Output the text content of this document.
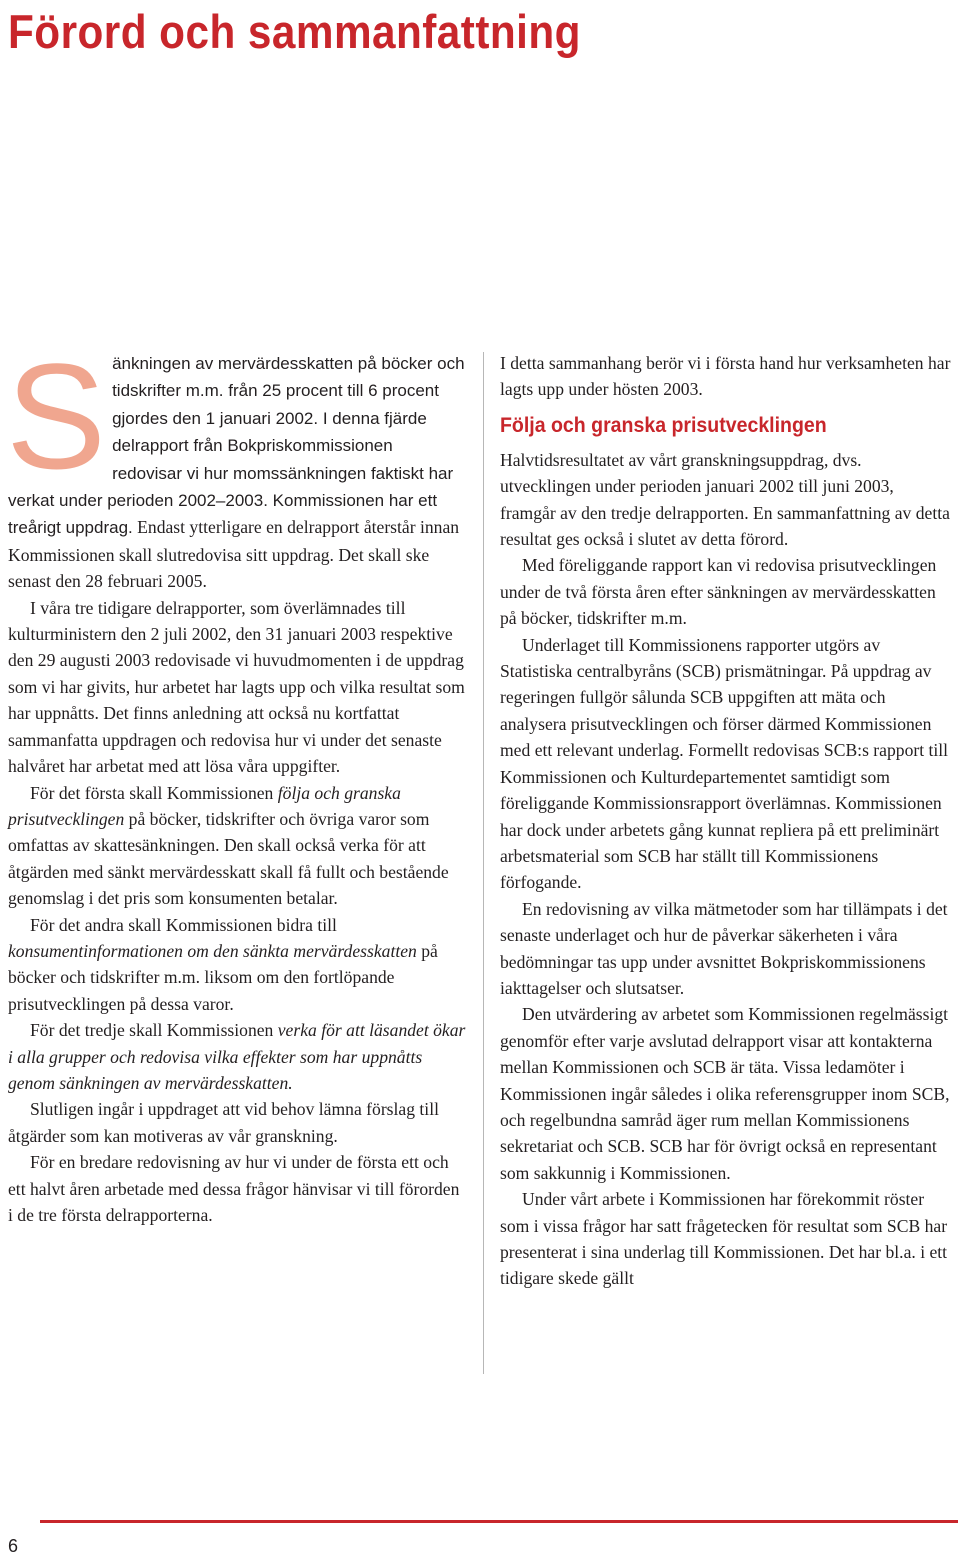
Förord och sammanfattning

Sänkningen av mervärdesskatten på böcker och tidskrifter m.m. från 25 procent till 6 procent gjordes den 1 januari 2002. I denna fjärde delrapport från Bokpriskommissionen redovisar vi hur momssänkningen faktiskt har verkat under perioden 2002–2003. Kommissionen har ett treårigt uppdrag. Endast ytterligare en delrapport återstår innan Kommissionen skall slutredovisa sitt uppdrag. Det skall ske senast den 28 februari 2005.

I våra tre tidigare delrapporter, som överlämnades till kulturministern den 2 juli 2002, den 31 januari 2003 respektive den 29 augusti 2003 redovisade vi huvudmomenten i de uppdrag som vi har givits, hur arbetet har lagts upp och vilka resultat som har uppnåtts. Det finns anledning att också nu kortfattat sammanfatta uppdragen och redovisa hur vi under det senaste halvåret har arbetat med att lösa våra uppgifter.

För det första skall Kommissionen följa och granska prisutvecklingen på böcker, tidskrifter och övriga varor som omfattas av skattesänkningen. Den skall också verka för att åtgärden med sänkt mervärdesskatt skall få fullt och bestående genomslag i det pris som konsumenten betalar.

För det andra skall Kommissionen bidra till konsumentinformationen om den sänkta mervärdesskatten på böcker och tidskrifter m.m. liksom om den fortlöpande prisutvecklingen på dessa varor.

För det tredje skall Kommissionen verka för att läsandet ökar i alla grupper och redovisa vilka effekter som har uppnåtts genom sänkningen av mervärdesskatten.

Slutligen ingår i uppdraget att vid behov lämna förslag till åtgärder som kan motiveras av vår granskning.

För en bredare redovisning av hur vi under de första ett och ett halvt åren arbetade med dessa frågor hänvisar vi till förorden i de tre första delrapporterna.

I detta sammanhang berör vi i första hand hur verksamheten har lagts upp under hösten 2003.

Följa och granska prisutvecklingen

Halvtidsresultatet av vårt granskningsuppdrag, dvs. utvecklingen under perioden januari 2002 till juni 2003, framgår av den tredje delrapporten. En sammanfattning av detta resultat ges också i slutet av detta förord.

Med föreliggande rapport kan vi redovisa prisutvecklingen under de två första åren efter sänkningen av mervärdesskatten på böcker, tidskrifter m.m.

Underlaget till Kommissionens rapporter utgörs av Statistiska centralbyråns (SCB) prismätningar. På uppdrag av regeringen fullgör sålunda SCB uppgiften att mäta och analysera prisutvecklingen och förser därmed Kommissionen med ett relevant underlag. Formellt redovisas SCB:s rapport till Kommissionen och Kulturdepartementet samtidigt som föreliggande Kommissionsrapport överlämnas. Kommissionen har dock under arbetets gång kunnat repliera på ett preliminärt arbetsmaterial som SCB har ställt till Kommissionens förfogande.

En redovisning av vilka mätmetoder som har tillämpats i det senaste underlaget och hur de påverkar säkerheten i våra bedömningar tas upp under avsnittet Bokpriskommissionens iakttagelser och slutsatser.

Den utvärdering av arbetet som Kommissionen regelmässigt genomför efter varje avslutad delrapport visar att kontakterna mellan Kommissionen och SCB är täta. Vissa ledamöter i Kommissionen ingår således i olika referensgrupper inom SCB, och regelbundna samråd äger rum mellan Kommissionens sekretariat och SCB. SCB har för övrigt också en representant som sakkunnig i Kommissionen.

Under vårt arbete i Kommissionen har förekommit röster som i vissa frågor har satt frågetecken för resultat som SCB har presenterat i sina underlag till Kommissionen. Det har bl.a. i ett tidigare skede gällt

6
